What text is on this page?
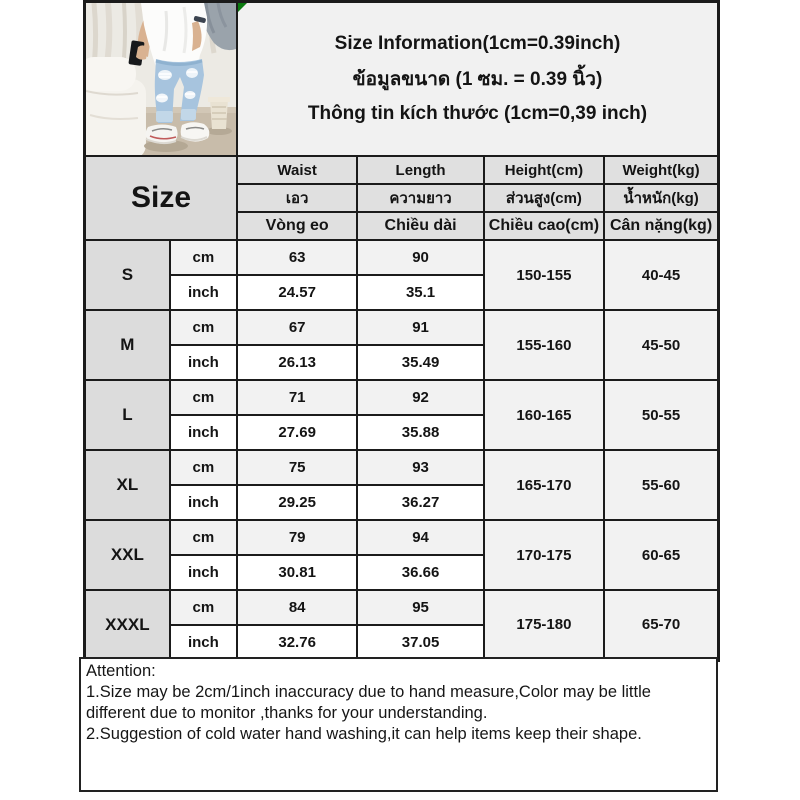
Size Information(1cm=0.39inch)
ข้อมูลขนาด (1 ซม. = 0.39 นิ้ว)
Thông tin kích thước (1cm=0,39 inch)			

Size		Waist	Length	Height(cm)	Weight(kg)
		เอว	ความยาว	ส่วนสูง(cm)	น้ำหนัก(kg)
		Vòng eo	Chiều dài	Chiều cao(cm)	Cân nặng(kg)
S	cm	63	90	150-155	40-45
	inch	24.57	35.1		
M	cm	67	91	155-160	45-50
	inch	26.13	35.49		
L	cm	71	92	160-165	50-55
	inch	27.69	35.88		
XL	cm	75	93	165-170	55-60
	inch	29.25	36.27		
XXL	cm	79	94	170-175	60-65
	inch	30.81	36.66		
XXXL	cm	84	95	175-180	65-70
	inch	32.76	37.05		

Attention:

1.Size may be 2cm/1inch inaccuracy due to hand measure,Color may be little different due to monitor ,thanks for your understanding.

2.Suggestion of cold water hand washing,it can help items keep their shape.
